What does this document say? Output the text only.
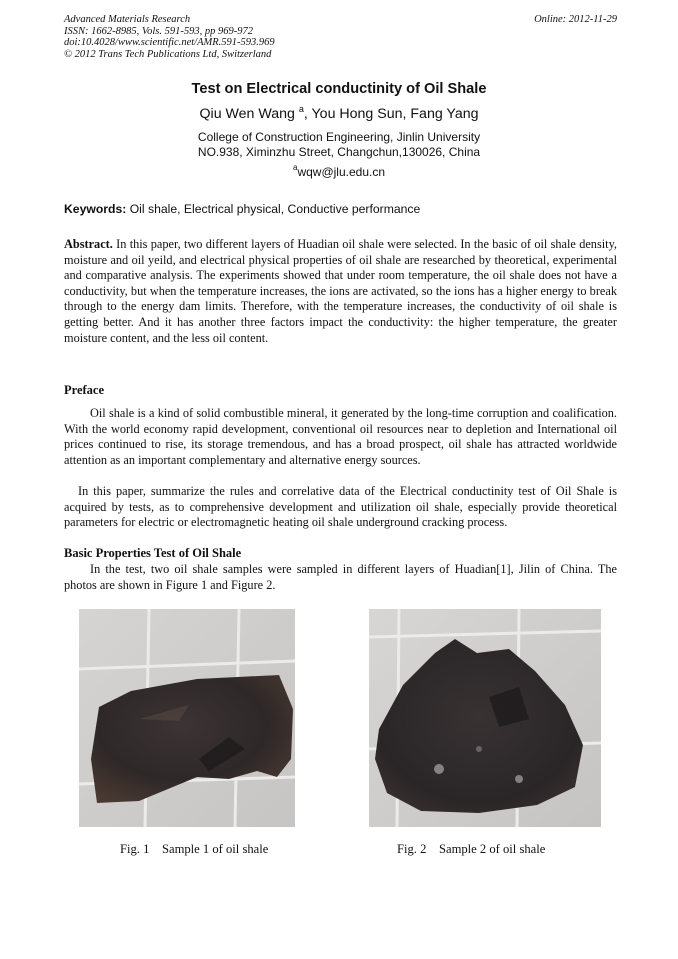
Advanced Materials Research
ISSN: 1662-8985, Vols. 591-593, pp 969-972
doi:10.4028/www.scientific.net/AMR.591-593.969
© 2012 Trans Tech Publications Ltd, Switzerland
Online: 2012-11-29
Test on Electrical conductinity of Oil Shale
Qiu Wen Wang $^a$, You Hong Sun, Fang Yang
College of Construction Engineering, Jinlin University
NO.938, Ximinzhu Street, Changchun,130026, China
$^a$wqw@jlu.edu.cn
Keywords: Oil shale, Electrical physical, Conductive performance
Abstract. In this paper, two different layers of Huadian oil shale were selected. In the basic of oil shale density, moisture and oil yeild, and electrical physical properties of oil shale are researched by theoretical, experimental and comparative analysis. The experiments showed that under room temperature, the oil shale does not have a conductivity, but when the temperature increases, the ions are activated, so the ions has a higher energy to break through to the energy dam limits. Therefore, with the temperature increases, the conductivity of oil shale is getting better. And it has another three factors impact the conductivity: the higher temperature, the greater moisture content, and the less oil content.
Preface
Oil shale is a kind of solid combustible mineral, it generated by the long-time corruption and coalification. With the world economy rapid development, conventional oil resources near to depletion and International oil prices continued to rise, its storage tremendous, and has a broad prospect, oil shale has attracted worldwide attention as an important complementary and alternative energy sources.
In this paper, summarize the rules and correlative data of the Electrical conductinity test of Oil Shale is acquired by tests, as to comprehensive development and utilization oil shale, especially provide theoretical parameters for electric or electromagnetic heating oil shale underground cracking process.
Basic Properties Test of Oil Shale
In the test, two oil shale samples were sampled in different layers of Huadian[1], Jilin of China. The photos are shown in Figure 1 and Figure 2.
Fig. 1    Sample 1 of oil shale	Fig. 2    Sample 2 of oil shale
